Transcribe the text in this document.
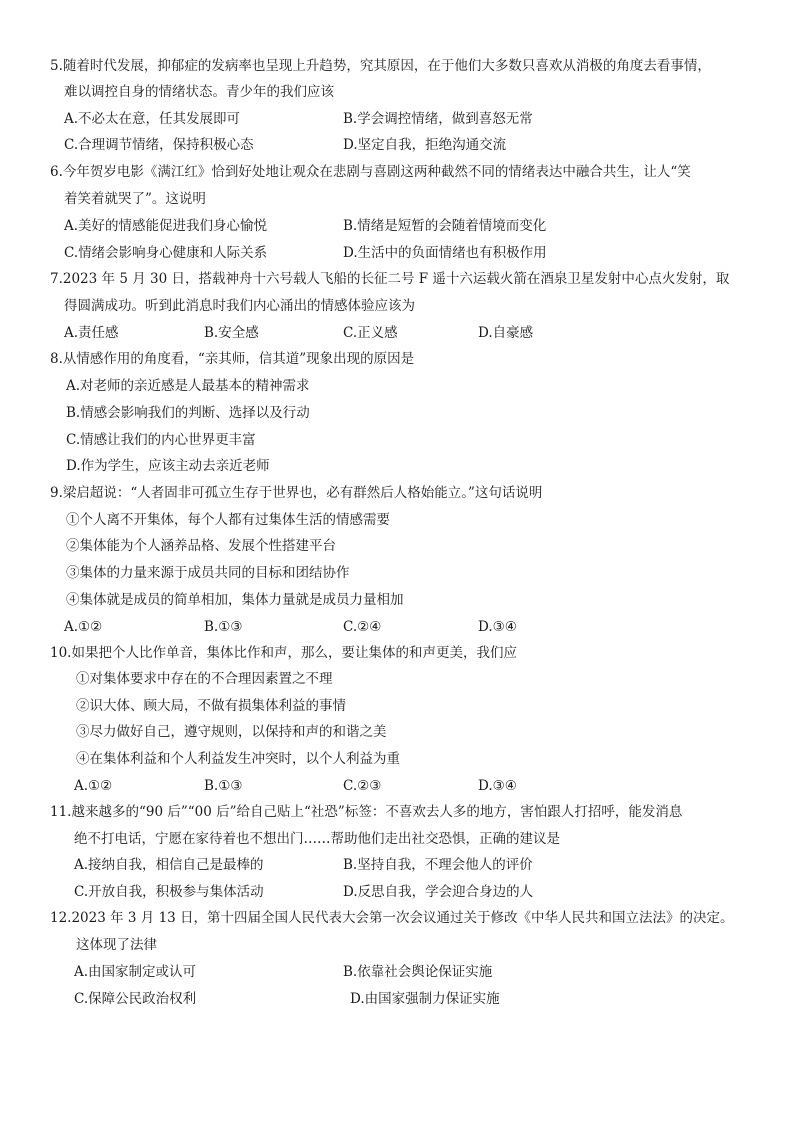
5.随着时代发展，抑郁症的发病率也呈现上升趋势，究其原因，在于他们大多数只喜欢从消极的角度去看事情，
难以调控自身的情绪状态。青少年的我们应该
A.不必太在意，任其发展即可	B.学会调控情绪，做到喜怒无常
C.合理调节情绪，保持积极心态	D.坚定自我，拒绝沟通交流
6.今年贺岁电影《满江红》恰到好处地让观众在悲剧与喜剧这两种截然不同的情绪表达中融合共生，让人“笑
着笑着就哭了”。这说明
A.美好的情感能促进我们身心愉悦	B.情绪是短暂的会随着情境而变化
C.情绪会影响身心健康和人际关系	D.生活中的负面情绪也有积极作用
7.2023 年 5 月 30 日，搭载神舟十六号载人飞船的长征二号 F 遥十六运载火箭在酒泉卫星发射中心点火发射，取
得圆满成功。听到此消息时我们内心涌出的情感体验应该为
A.责任感	B.安全感	C.正义感	D.自豪感
8.从情感作用的角度看，“亲其师，信其道”现象出现的原因是
A.对老师的亲近感是人最基本的精神需求
B.情感会影响我们的判断、选择以及行动
C.情感让我们的内心世界更丰富
D.作为学生，应该主动去亲近老师
9.梁启超说：“人者固非可孤立生存于世界也，必有群然后人格始能立。”这句话说明
①个人离不开集体，每个人都有过集体生活的情感需要
②集体能为个人涵养品格、发展个性搭建平台
③集体的力量来源于成员共同的目标和团结协作
④集体就是成员的简单相加，集体力量就是成员力量相加
A.①②	B.①③	C.②④	D.③④
10.如果把个人比作单音，集体比作和声，那么，要让集体的和声更美，我们应
①对集体要求中存在的不合理因素置之不理
②识大体、顾大局，不做有损集体利益的事情
③尽力做好自己，遵守规则，以保持和声的和谐之美
④在集体利益和个人利益发生冲突时，以个人利益为重
A.①②	B.①③	C.②③	D.③④
11.越来越多的“90 后”“00 后”给自己贴上“社恐”标签：不喜欢去人多的地方，害怕跟人打招呼，能发消息
绝不打电话，宁愿在家待着也不想出门……帮助他们走出社交恐惧，正确的建议是
A.接纳自我，相信自己是最棒的	B.坚持自我，不理会他人的评价
C.开放自我，积极参与集体活动	D.反思自我，学会迎合身边的人
12.2023 年 3 月 13 日，第十四届全国人民代表大会第一次会议通过关于修改《中华人民共和国立法法》的决定。
这体现了法律
A.由国家制定或认可	B.依靠社会舆论保证实施
C.保障公民政治权利	D.由国家强制力保证实施
